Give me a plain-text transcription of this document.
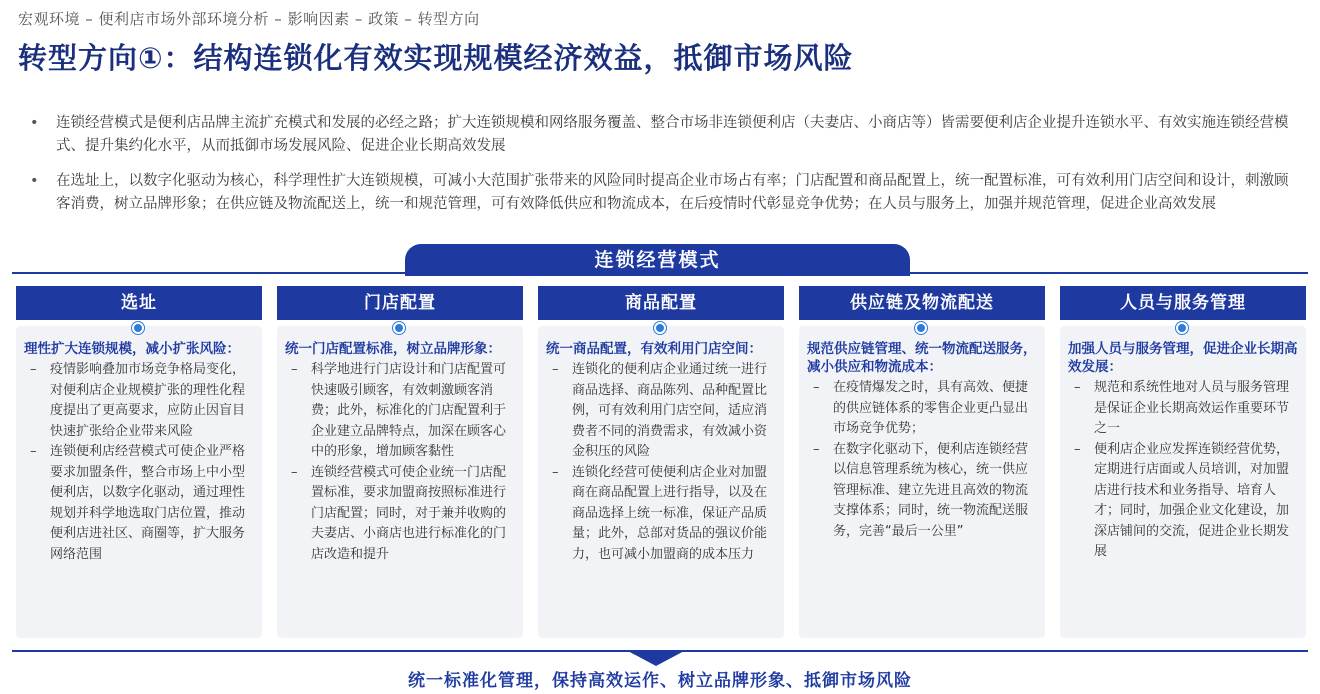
宏观环境 – 便利店市场外部环境分析 – 影响因素 – 政策 – 转型方向
转型方向①：结构连锁化有效实现规模经济效益，抵御市场风险
• 连锁经营模式是便利店品牌主流扩充模式和发展的必经之路；扩大连锁规模和网络服务覆盖、整合市场非连锁便利店（夫妻店、小商店等）皆需要便利店企业提升连锁水平、有效实施连锁经营模式、提升集约化水平，从而抵御市场发展风险、促进企业长期高效发展
• 在选址上，以数字化驱动为核心，科学理性扩大连锁规模，可减小大范围扩张带来的风险同时提高企业市场占有率；门店配置和商品配置上，统一配置标准，可有效利用门店空间和设计，刺激顾客消费，树立品牌形象；在供应链及物流配送上，统一和规范管理，可有效降低供应和物流成本，在后疫情时代彰显竞争优势；在人员与服务上，加强并规范管理，促进企业高效发展
连锁经营模式
选址
理性扩大连锁规模，减小扩张风险：
– 疫情影响叠加市场竞争格局变化，对便利店企业规模扩张的理性化程度提出了更高要求，应防止因盲目快速扩张给企业带来风险
– 连锁便利店经营模式可使企业严格要求加盟条件，整合市场上中小型便利店，以数字化驱动，通过理性规划并科学地选取门店位置，推动便利店进社区、商圈等，扩大服务网络范围
门店配置
统一门店配置标准，树立品牌形象：
– 科学地进行门店设计和门店配置可快速吸引顾客，有效刺激顾客消费；此外，标准化的门店配置利于企业建立品牌特点，加深在顾客心中的形象，增加顾客黏性
– 连锁经营模式可使企业统一门店配置标准，要求加盟商按照标准进行门店配置；同时，对于兼并收购的夫妻店、小商店也进行标准化的门店改造和提升
商品配置
统一商品配置，有效利用门店空间：
– 连锁化的便利店企业通过统一进行商品选择、商品陈列、品种配置比例，可有效利用门店空间，适应消费者不同的消费需求，有效减小资金积压的风险
– 连锁化经营可使便利店企业对加盟商在商品配置上进行指导，以及在商品选择上统一标准，保证产品质量；此外，总部对货品的强议价能力，也可减小加盟商的成本压力
供应链及物流配送
规范供应链管理、统一物流配送服务，减小供应和物流成本：
– 在疫情爆发之时，具有高效、便捷的供应链体系的零售企业更凸显出市场竞争优势；
– 在数字化驱动下，便利店连锁经营以信息管理系统为核心，统一供应管理标准、建立先进且高效的物流支撑体系；同时，统一物流配送服务，完善“最后一公里”
人员与服务管理
加强人员与服务管理，促进企业长期高效发展：
– 规范和系统性地对人员与服务管理是保证企业长期高效运作重要环节之一
– 便利店企业应发挥连锁经营优势，定期进行店面或人员培训，对加盟店进行技术和业务指导、培育人才；同时，加强企业文化建设，加深店铺间的交流，促进企业长期发展
统一标准化管理，保持高效运作、树立品牌形象、抵御市场风险
